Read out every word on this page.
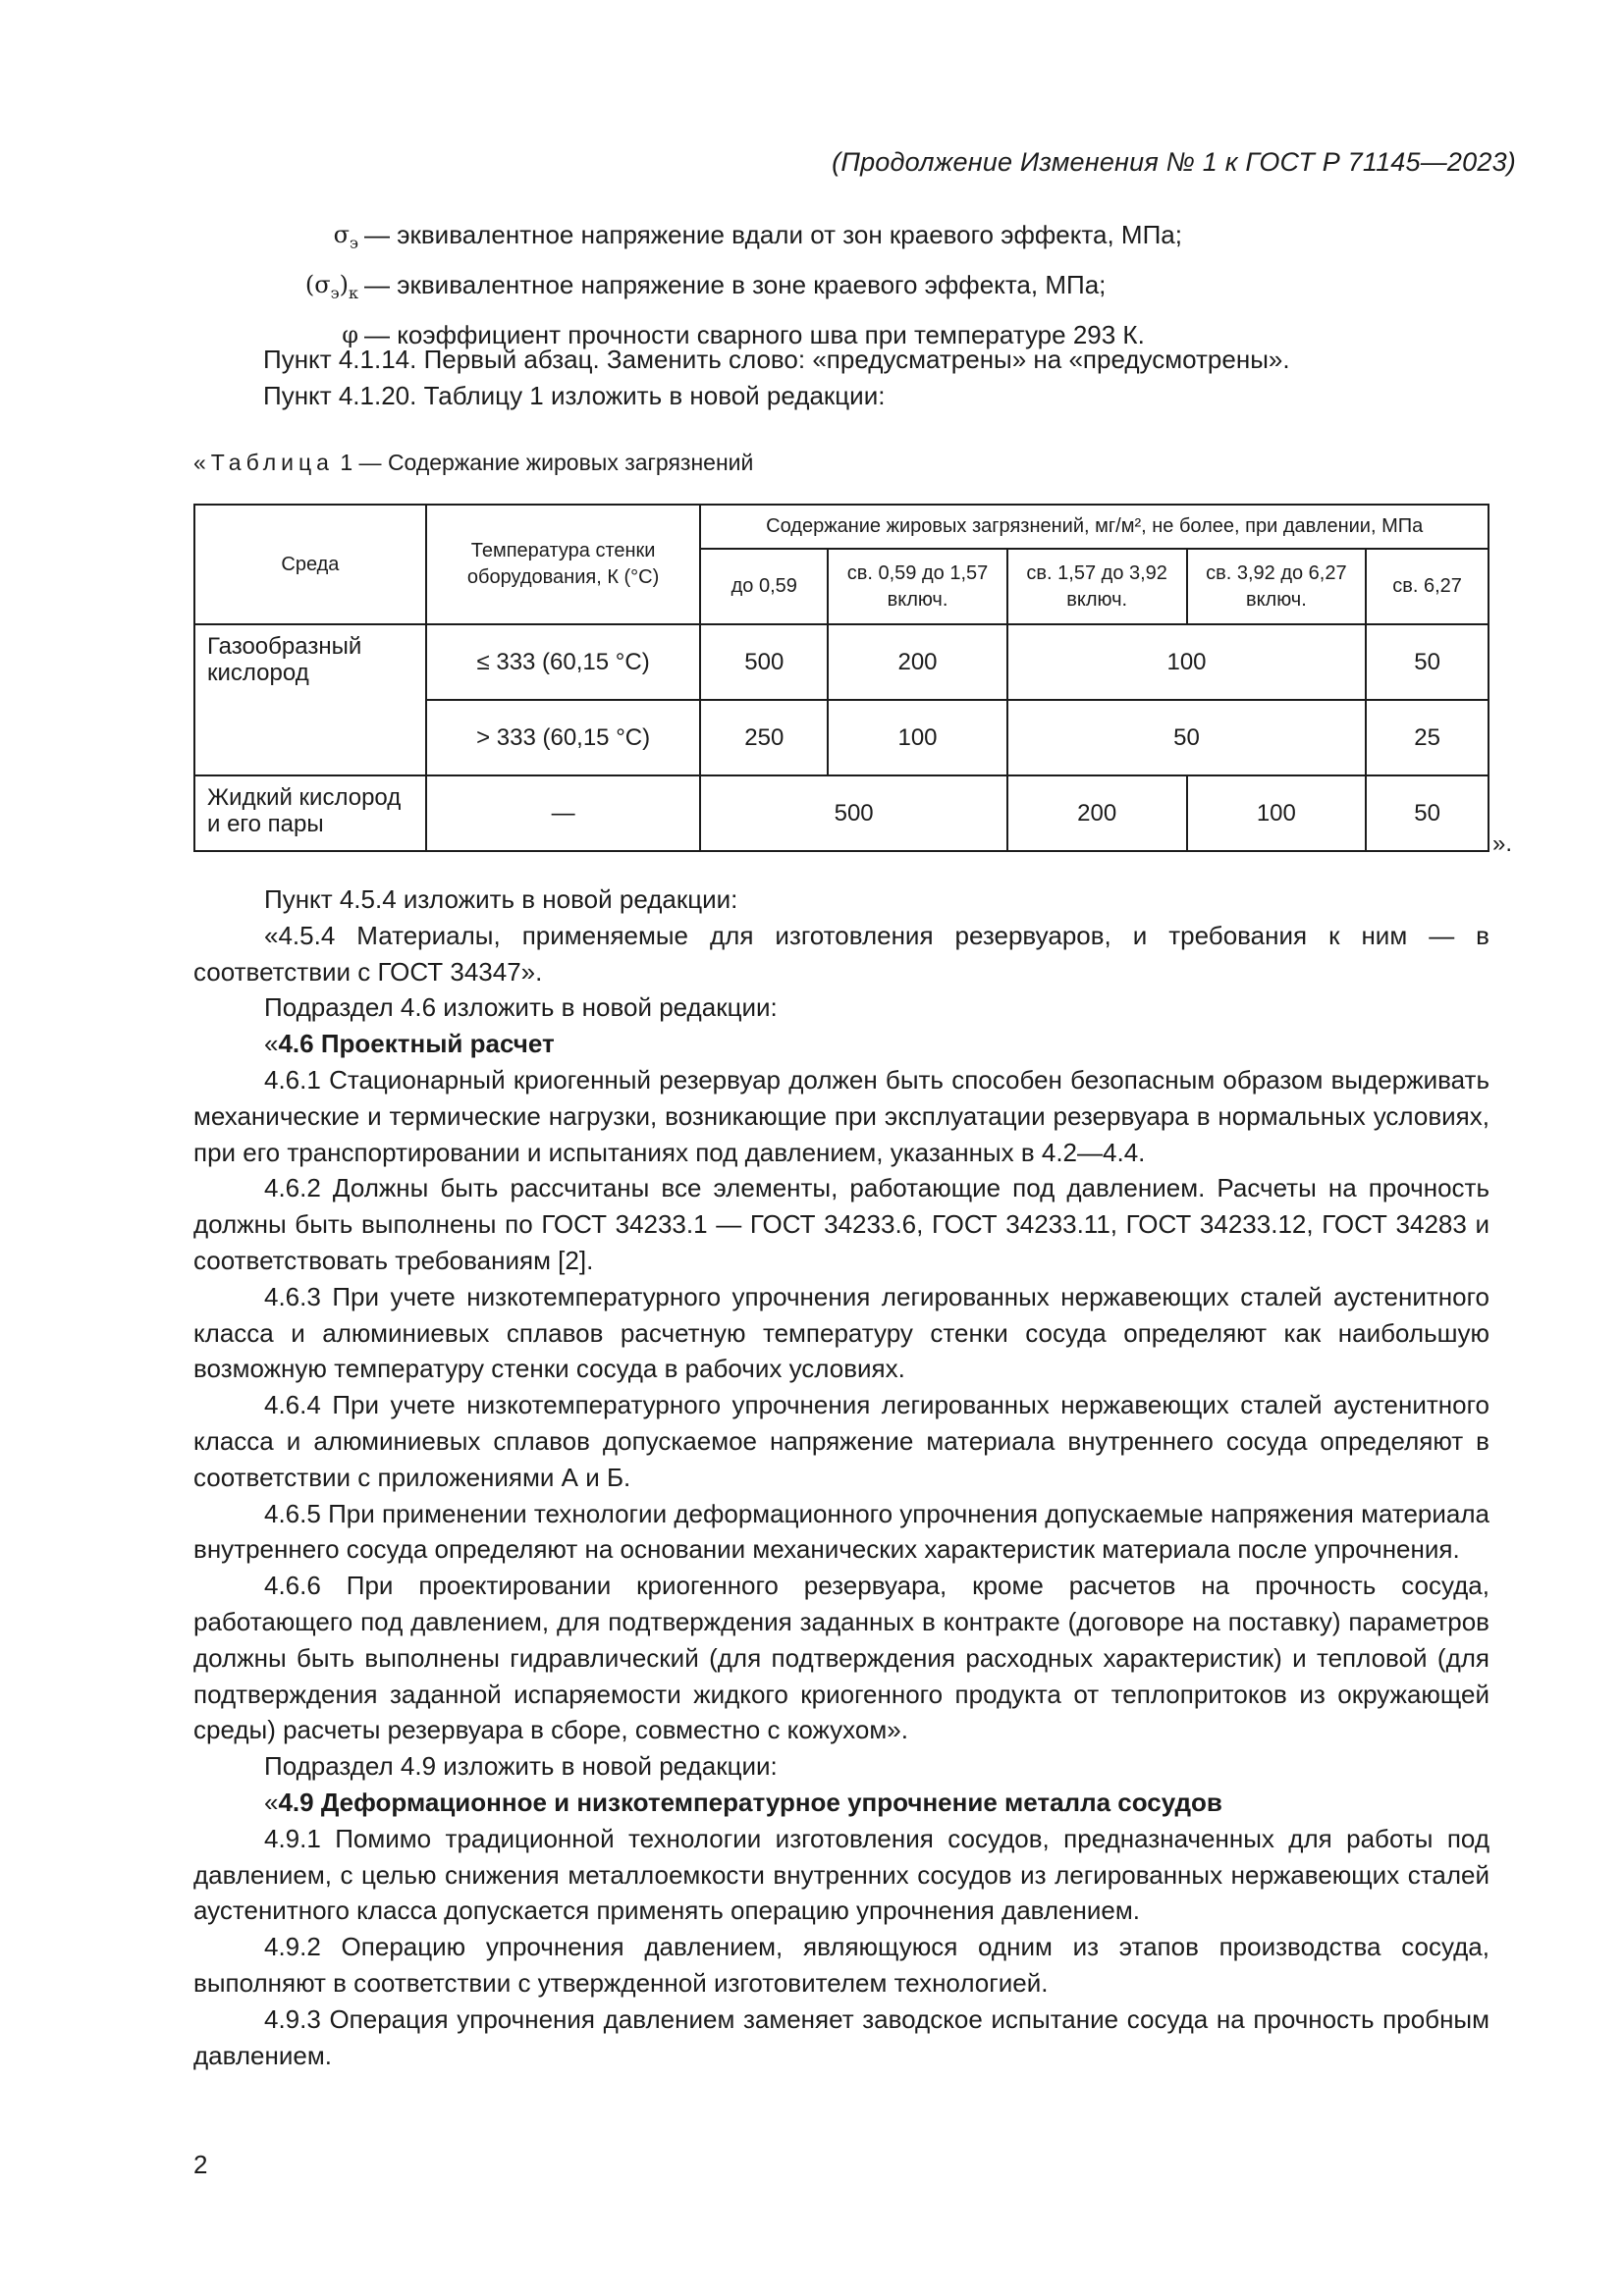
(Продолжение Изменения № 1 к ГОСТ Р 71145—2023)
$\sigma_э$ — эквивалентное напряжение вдали от зон краевого эффекта, МПа;
$(\sigma_э)_к$ — эквивалентное напряжение в зоне краевого эффекта, МПа;
φ — коэффициент прочности сварного шва при температуре 293 К.
Пункт 4.1.14. Первый абзац. Заменить слово: «предусматрены» на «предусмотрены».
Пункт 4.1.20. Таблицу 1 изложить в новой редакции:
«Таблица 1 — Содержание жировых загрязнений
Среда	Температура стенки оборудования, К (°С)	Содержание жировых загрязнений, мг/м², не более, при давлении, МПа				
		до 0,59	св. 0,59 до 1,57 включ.	св. 1,57 до 3,92 включ.	св. 3,92 до 6,27 включ.	св. 6,27
Газообразный кислород	≤ 333 (60,15 °С)	500	200	100		50
	> 333 (60,15 °С)	250	100	50		25
Жидкий кислород и его пары	—	500		200	100	50
».

Пункт 4.5.4 изложить в новой редакции:

«4.5.4 Материалы, применяемые для изготовления резервуаров, и требования к ним — в соответствии с ГОСТ 34347».

Подраздел 4.6 изложить в новой редакции:

«4.6 Проектный расчет

4.6.1 Стационарный криогенный резервуар должен быть способен безопасным образом выдерживать механические и термические нагрузки, возникающие при эксплуатации резервуара в нормальных условиях, при его транспортировании и испытаниях под давлением, указанных в 4.2—4.4.

4.6.2 Должны быть рассчитаны все элементы, работающие под давлением. Расчеты на прочность должны быть выполнены по ГОСТ 34233.1 — ГОСТ 34233.6, ГОСТ 34233.11, ГОСТ 34233.12, ГОСТ 34283 и соответствовать требованиям [2].

4.6.3 При учете низкотемпературного упрочнения легированных нержавеющих сталей аустенитного класса и алюминиевых сплавов расчетную температуру стенки сосуда определяют как наибольшую возможную температуру стенки сосуда в рабочих условиях.

4.6.4 При учете низкотемпературного упрочнения легированных нержавеющих сталей аустенитного класса и алюминиевых сплавов допускаемое напряжение материала внутреннего сосуда определяют в соответствии с приложениями А и Б.

4.6.5 При применении технологии деформационного упрочнения допускаемые напряжения материала внутреннего сосуда определяют на основании механических характеристик материала после упрочнения.

4.6.6 При проектировании криогенного резервуара, кроме расчетов на прочность сосуда, работающего под давлением, для подтверждения заданных в контракте (договоре на поставку) параметров должны быть выполнены гидравлический (для подтверждения расходных характеристик) и тепловой (для подтверждения заданной испаряемости жидкого криогенного продукта от теплопритоков из окружающей среды) расчеты резервуара в сборе, совместно с кожухом».

Подраздел 4.9 изложить в новой редакции:

«4.9 Деформационное и низкотемпературное упрочнение металла сосудов

4.9.1 Помимо традиционной технологии изготовления сосудов, предназначенных для работы под давлением, с целью снижения металлоемкости внутренних сосудов из легированных нержавеющих сталей аустенитного класса допускается применять операцию упрочнения давлением.

4.9.2 Операцию упрочнения давлением, являющуюся одним из этапов производства сосуда, выполняют в соответствии с утвержденной изготовителем технологией.

4.9.3 Операция упрочнения давлением заменяет заводское испытание сосуда на прочность пробным давлением.

2
